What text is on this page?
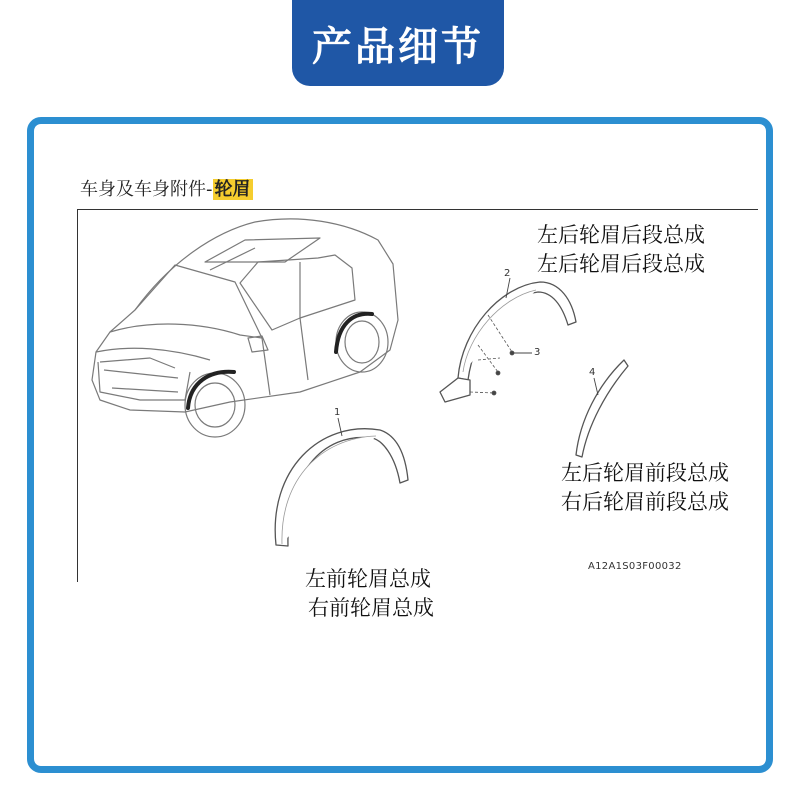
产品细节
车身及车身附件- 轮眉
1
2
3
4
左后轮眉后段总成
左后轮眉后段总成
左后轮眉前段总成
右后轮眉前段总成
左前轮眉总成
右前轮眉总成
A12A1S03F00032
